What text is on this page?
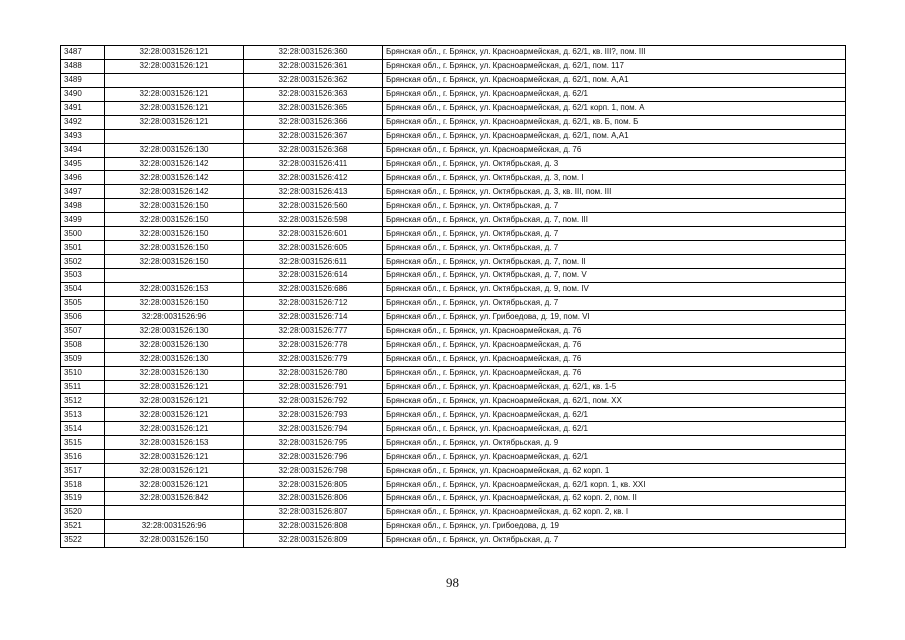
3487	32:28:0031526:121	32:28:0031526:360	Брянская обл., г. Брянск, ул. Красноармейская, д. 62/1, кв. III?, пом. III
3488	32:28:0031526:121	32:28:0031526:361	Брянская обл., г. Брянск, ул. Красноармейская, д. 62/1, пом. 117
3489		32:28:0031526:362	Брянская обл., г. Брянск, ул. Красноармейская, д. 62/1, пом. А,А1
3490	32:28:0031526:121	32:28:0031526:363	Брянская обл., г. Брянск, ул. Красноармейская, д. 62/1
3491	32:28:0031526:121	32:28:0031526:365	Брянская обл., г. Брянск, ул. Красноармейская, д. 62/1 корп. 1, пом. А
3492	32:28:0031526:121	32:28:0031526:366	Брянская обл., г. Брянск, ул. Красноармейская, д. 62/1, кв. Б, пом. Б
3493		32:28:0031526:367	Брянская обл., г. Брянск, ул. Красноармейская, д. 62/1, пом. А,А1
3494	32:28:0031526:130	32:28:0031526:368	Брянская обл., г. Брянск, ул. Красноармейская, д. 76
3495	32:28:0031526:142	32:28:0031526:411	Брянская обл., г. Брянск, ул. Октябрьская, д. 3
3496	32:28:0031526:142	32:28:0031526:412	Брянская обл., г. Брянск, ул. Октябрьская, д. 3, пом. I
3497	32:28:0031526:142	32:28:0031526:413	Брянская обл., г. Брянск, ул. Октябрьская, д. 3, кв. III, пом. III
3498	32:28:0031526:150	32:28:0031526:560	Брянская обл., г. Брянск, ул. Октябрьская, д. 7
3499	32:28:0031526:150	32:28:0031526:598	Брянская обл., г. Брянск, ул. Октябрьская, д. 7, пом. III
3500	32:28:0031526:150	32:28:0031526:601	Брянская обл., г. Брянск, ул. Октябрьская, д. 7
3501	32:28:0031526:150	32:28:0031526:605	Брянская обл., г. Брянск, ул. Октябрьская, д. 7
3502	32:28:0031526:150	32:28:0031526:611	Брянская обл., г. Брянск, ул. Октябрьская, д. 7, пом. II
3503		32:28:0031526:614	Брянская обл., г. Брянск, ул. Октябрьская, д. 7, пом. V
3504	32:28:0031526:153	32:28:0031526:686	Брянская обл., г. Брянск, ул. Октябрьская, д. 9, пом. IV
3505	32:28:0031526:150	32:28:0031526:712	Брянская обл., г. Брянск, ул. Октябрьская, д. 7
3506	32:28:0031526:96	32:28:0031526:714	Брянская обл., г. Брянск, ул. Грибоедова, д. 19, пом. VI
3507	32:28:0031526:130	32:28:0031526:777	Брянская обл., г. Брянск, ул. Красноармейская, д. 76
3508	32:28:0031526:130	32:28:0031526:778	Брянская обл., г. Брянск, ул. Красноармейская, д. 76
3509	32:28:0031526:130	32:28:0031526:779	Брянская обл., г. Брянск, ул. Красноармейская, д. 76
3510	32:28:0031526:130	32:28:0031526:780	Брянская обл., г. Брянск, ул. Красноармейская, д. 76
3511	32:28:0031526:121	32:28:0031526:791	Брянская обл., г. Брянск, ул. Красноармейская, д. 62/1, кв. 1-5
3512	32:28:0031526:121	32:28:0031526:792	Брянская обл., г. Брянск, ул. Красноармейская, д. 62/1, пом. XX
3513	32:28:0031526:121	32:28:0031526:793	Брянская обл., г. Брянск, ул. Красноармейская, д. 62/1
3514	32:28:0031526:121	32:28:0031526:794	Брянская обл., г. Брянск, ул. Красноармейская, д. 62/1
3515	32:28:0031526:153	32:28:0031526:795	Брянская обл., г. Брянск, ул. Октябрьская, д. 9
3516	32:28:0031526:121	32:28:0031526:796	Брянская обл., г. Брянск, ул. Красноармейская, д. 62/1
3517	32:28:0031526:121	32:28:0031526:798	Брянская обл., г. Брянск, ул. Красноармейская, д. 62 корп. 1
3518	32:28:0031526:121	32:28:0031526:805	Брянская обл., г. Брянск, ул. Красноармейская, д. 62/1 корп. 1, кв. XXI
3519	32:28:0031526:842	32:28:0031526:806	Брянская обл., г. Брянск, ул. Красноармейская, д. 62 корп. 2, пом. II
3520		32:28:0031526:807	Брянская обл., г. Брянск, ул. Красноармейская, д. 62 корп. 2, кв. I
3521	32:28:0031526:96	32:28:0031526:808	Брянская обл., г. Брянск, ул. Грибоедова, д. 19
3522	32:28:0031526:150	32:28:0031526:809	Брянская обл., г. Брянск, ул. Октябрьская, д. 7
98
